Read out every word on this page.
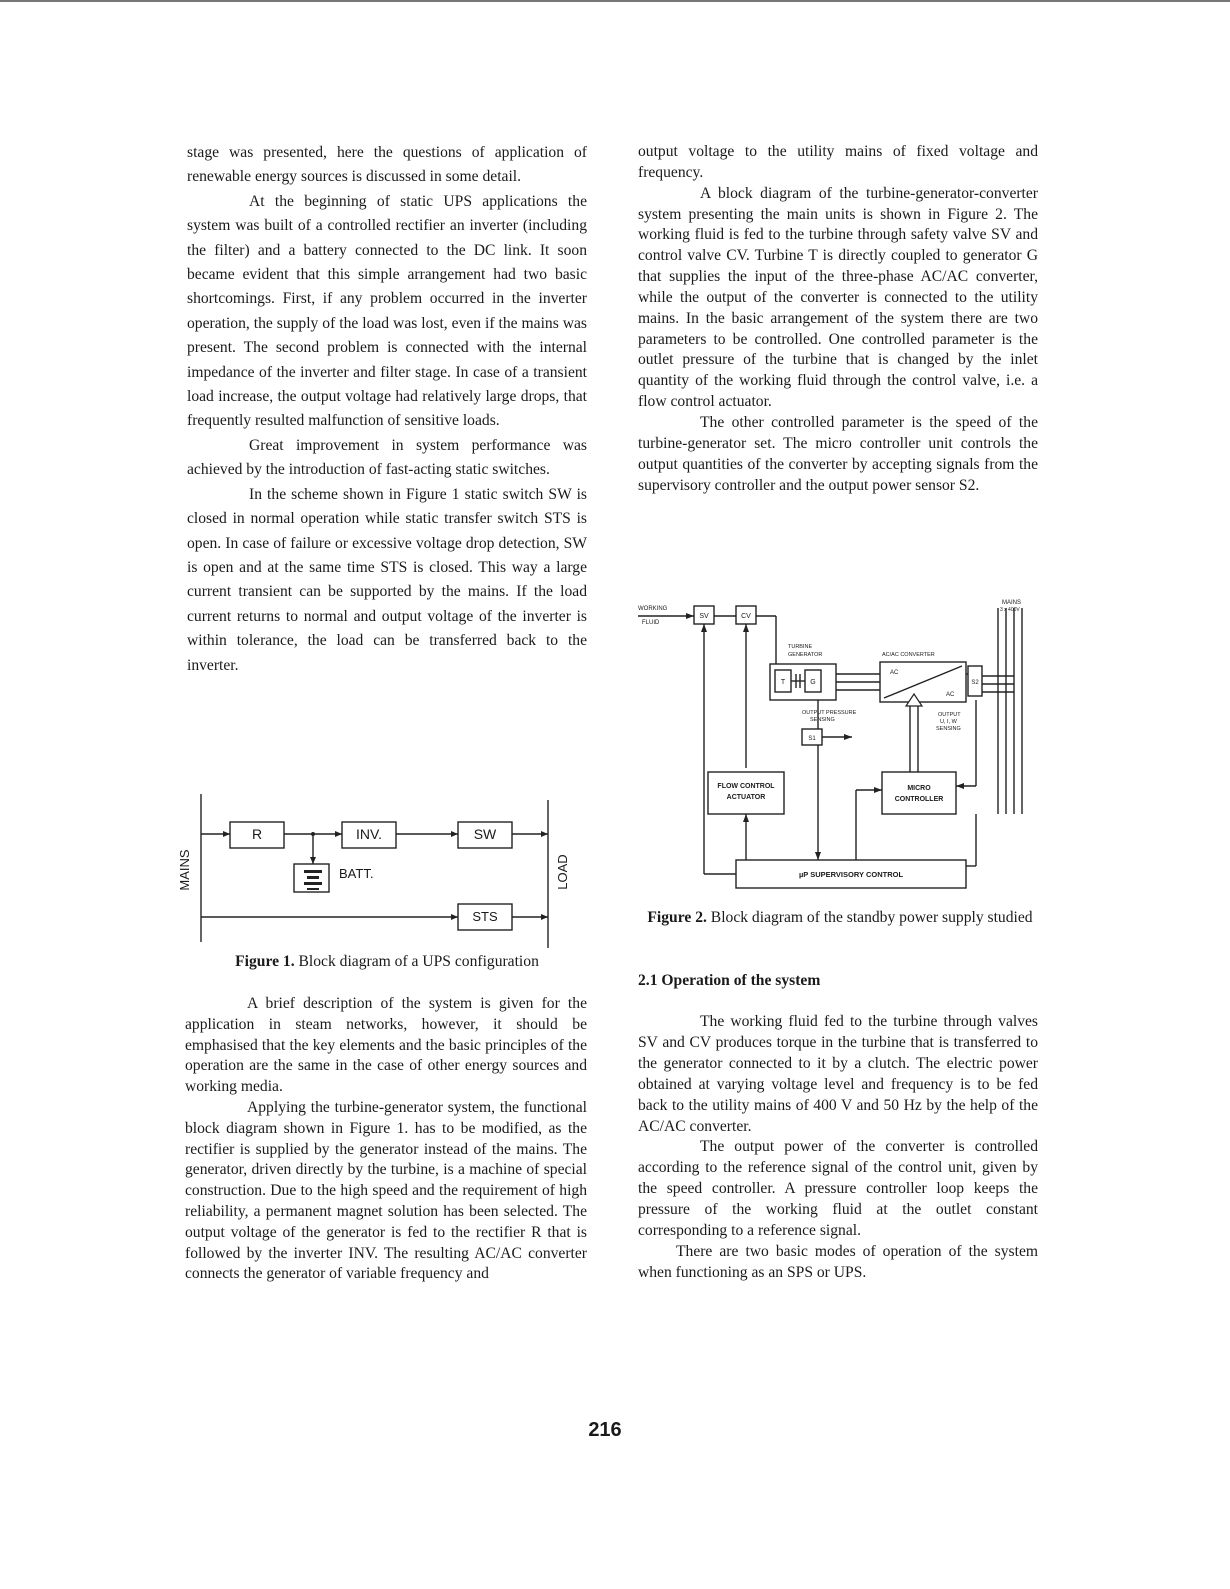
stage was presented, here the questions of application of renewable energy sources is discussed in some detail.

At the beginning of static UPS applications the system was built of a controlled rectifier an inverter (including the filter) and a battery connected to the DC link. It soon became evident that this simple arrangement had two basic shortcomings. First, if any problem occurred in the inverter operation, the supply of the load was lost, even if the mains was present. The second problem is connected with the internal impedance of the inverter and filter stage. In case of a transient load increase, the output voltage had relatively large drops, that frequently resulted malfunction of sensitive loads.

Great improvement in system performance was achieved by the introduction of fast-acting static switches.

In the scheme shown in Figure 1 static switch SW is closed in normal operation while static transfer switch STS is open. In case of failure or excessive voltage drop detection, SW is open and at the same time STS is closed. This way a large current transient can be supported by the mains. If the load current returns to normal and output voltage of the inverter is within tolerance, the load can be transferred back to the inverter.

R	INV.	SW
BATT.
STS
MAINS	LOAD
Figure 1. Block diagram of a UPS configuration

A brief description of the system is given for the application in steam networks, however, it should be emphasised that the key elements and the basic principles of the operation are the same in the case of other energy sources and working media.

Applying the turbine-generator system, the functional block diagram shown in Figure 1. has to be modified, as the rectifier is supplied by the generator instead of the mains. The generator, driven directly by the turbine, is a machine of special construction. Due to the high speed and the requirement of high reliability, a permanent magnet solution has been selected. The output voltage of the generator is fed to the rectifier R that is followed by the inverter INV. The resulting AC/AC converter connects the generator of variable frequency and

output voltage to the utility mains of fixed voltage and frequency.

A block diagram of the turbine-generator-converter system presenting the main units is shown in Figure 2. The working fluid is fed to the turbine through safety valve SV and control valve CV. Turbine T is directly coupled to generator G that supplies the input of the three-phase AC/AC converter, while the output of the converter is connected to the utility mains. In the basic arrangement of the system there are two parameters to be controlled. One controlled parameter is the outlet pressure of the turbine that is changed by the inlet quantity of the working fluid through the control valve, i.e. a flow control actuator.

The other controlled parameter is the speed of the turbine-generator set. The micro controller unit controls the output quantities of the converter by accepting signals from the supervisory controller and the output power sensor S2.

WORKING
FLUID
SV	CV
MAINS
3 x 400V
TURBINE
GENERATOR	AC/AC CONVERTER
T	G
AC
AC
S2
OUTPUT PRESSURE
SENSING
S1
OUTPUT
U, I, W
SENSING
FLOW CONTROL
ACTUATOR
MICRO
CONTROLLER
µP SUPERVISORY CONTROL
Figure 2. Block diagram of the standby power supply studied
2.1 Operation of the system

The working fluid fed to the turbine through valves SV and CV produces torque in the turbine that is transferred to the generator connected to it by a clutch. The electric power obtained at varying voltage level and frequency is to be fed back to the utility mains of 400 V and 50 Hz by the help of the AC/AC converter.

The output power of the converter is controlled according to the reference signal of the control unit, given by the speed controller. A pressure controller loop keeps the pressure of the working fluid at the outlet constant corresponding to a reference signal.

There are two basic modes of operation of the system when functioning as an SPS or UPS.

216
